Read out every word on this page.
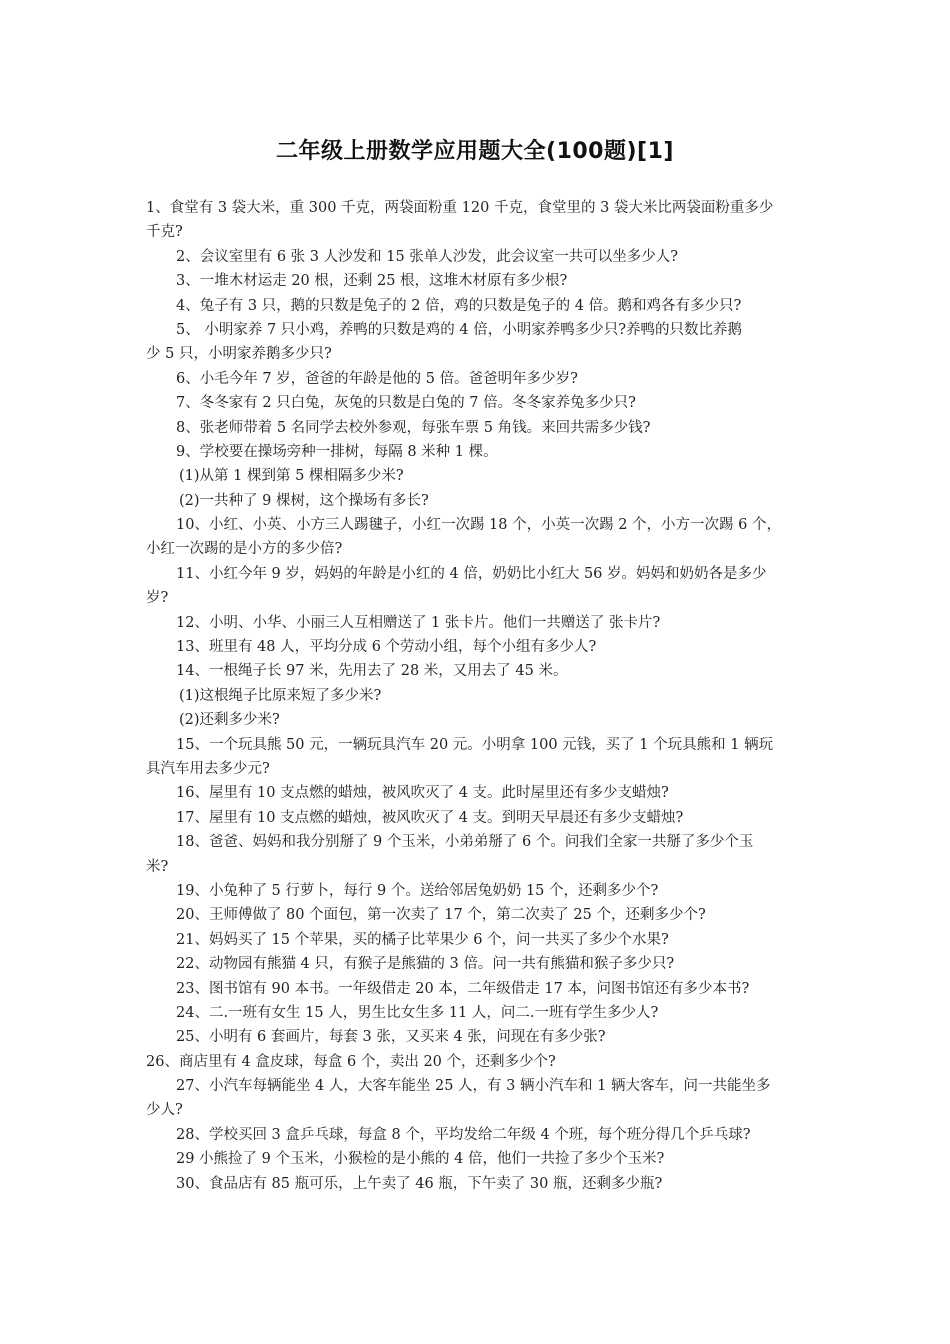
二年级上册数学应用题大全(100题)[1]
1、食堂有 3 袋大米，重 300 千克，两袋面粉重 120 千克，食堂里的 3 袋大米比两袋面粉重多少
千克?
2、会议室里有 6 张 3 人沙发和 15 张单人沙发，此会议室一共可以坐多少人?
3、一堆木材运走 20 根，还剩 25 根，这堆木材原有多少根?
4、兔子有 3 只，鹅的只数是兔子的 2 倍，鸡的只数是兔子的 4 倍。鹅和鸡各有多少只?
5、 小明家养 7 只小鸡，养鸭的只数是鸡的 4 倍，小明家养鸭多少只?养鸭的只数比养鹅
少 5 只，小明家养鹅多少只?
6、小毛今年 7 岁，爸爸的年龄是他的 5 倍。爸爸明年多少岁?
7、冬冬家有 2 只白兔，灰兔的只数是白兔的 7 倍。冬冬家养兔多少只?
8、张老师带着 5 名同学去校外参观，每张车票 5 角钱。来回共需多少钱?
9、学校要在操场旁种一排树，每隔 8 米种 1 棵。
(1)从第 1 棵到第 5 棵相隔多少米?
(2)一共种了 9 棵树，这个操场有多长?
10、小红、小英、小方三人踢毽子，小红一次踢 18 个，小英一次踢 2 个，小方一次踢 6 个，
小红一次踢的是小方的多少倍?
11、小红今年 9 岁，妈妈的年龄是小红的 4 倍，奶奶比小红大 56 岁。妈妈和奶奶各是多少
岁?
12、小明、小华、小丽三人互相赠送了 1 张卡片。他们一共赠送了 张卡片?
13、班里有 48 人，平均分成 6 个劳动小组，每个小组有多少人?
14、一根绳子长 97 米，先用去了 28 米，又用去了 45 米。
(1)这根绳子比原来短了多少米?
(2)还剩多少米?
15、一个玩具熊 50 元，一辆玩具汽车 20 元。小明拿 100 元钱，买了 1 个玩具熊和 1 辆玩
具汽车用去多少元?
16、屋里有 10 支点燃的蜡烛，被风吹灭了 4 支。此时屋里还有多少支蜡烛?
17、屋里有 10 支点燃的蜡烛，被风吹灭了 4 支。到明天早晨还有多少支蜡烛?
18、爸爸、妈妈和我分别掰了 9 个玉米，小弟弟掰了 6 个。问我们全家一共掰了多少个玉
米?
19、小兔种了 5 行萝卜，每行 9 个。送给邻居兔奶奶 15 个，还剩多少个?
20、王师傅做了 80 个面包，第一次卖了 17 个，第二次卖了 25 个，还剩多少个?
21、妈妈买了 15 个苹果，买的橘子比苹果少 6 个，问一共买了多少个水果?
22、动物园有熊猫 4 只，有猴子是熊猫的 3 倍。问一共有熊猫和猴子多少只?
23、图书馆有 90 本书。一年级借走 20 本，二年级借走 17 本，问图书馆还有多少本书?
24、二.一班有女生 15 人，男生比女生多 11 人，问二.一班有学生多少人?
25、小明有 6 套画片，每套 3 张，又买来 4 张，问现在有多少张?
26、商店里有 4 盒皮球，每盒 6 个，卖出 20 个，还剩多少个?
27、小汽车每辆能坐 4 人，大客车能坐 25 人，有 3 辆小汽车和 1 辆大客车，问一共能坐多
少人?
28、学校买回 3 盒乒乓球，每盒 8 个，平均发给二年级 4 个班，每个班分得几个乒乓球?
29 小熊捡了 9 个玉米，小猴检的是小熊的 4 倍，他们一共捡了多少个玉米?
30、食品店有 85 瓶可乐，上午卖了 46 瓶，下午卖了 30 瓶，还剩多少瓶?
